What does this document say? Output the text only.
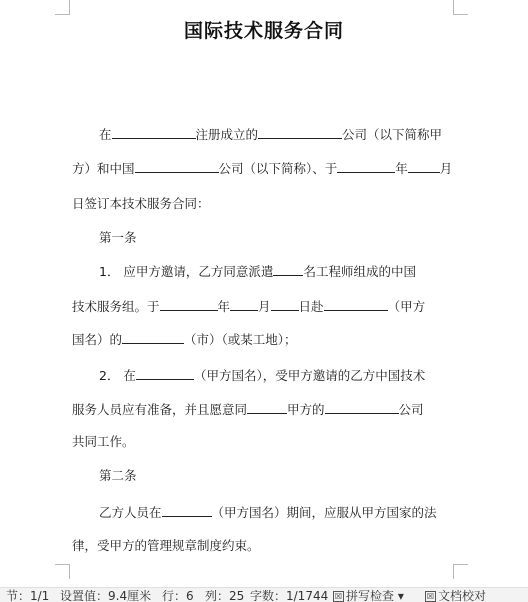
国际技术服务合同
在	注册成立的	公司（以下简称甲
方）和中国	公司（以下简称）、于	年	月
日签订本技术服务合同：
第一条
1． 应甲方邀请，乙方同意派遣 名工程师组成的中国
技术服务组。于	年 月 日赴	（甲方
国名）的	（市）（或某工地）；
2． 在	（甲方国名），受甲方邀请的乙方中国技术
服务人员应有准备，并且愿意同	甲方的	公司
共同工作。
第二条
乙方人员在	（甲方国名）期间，应服从甲方国家的法
律，受甲方的管理规章制度约束。
节：1/1 设置值：9.4厘米 行：6 列：25 字数：1/1744 ☒ 拼写检查 ▾	☒ 文档校对
